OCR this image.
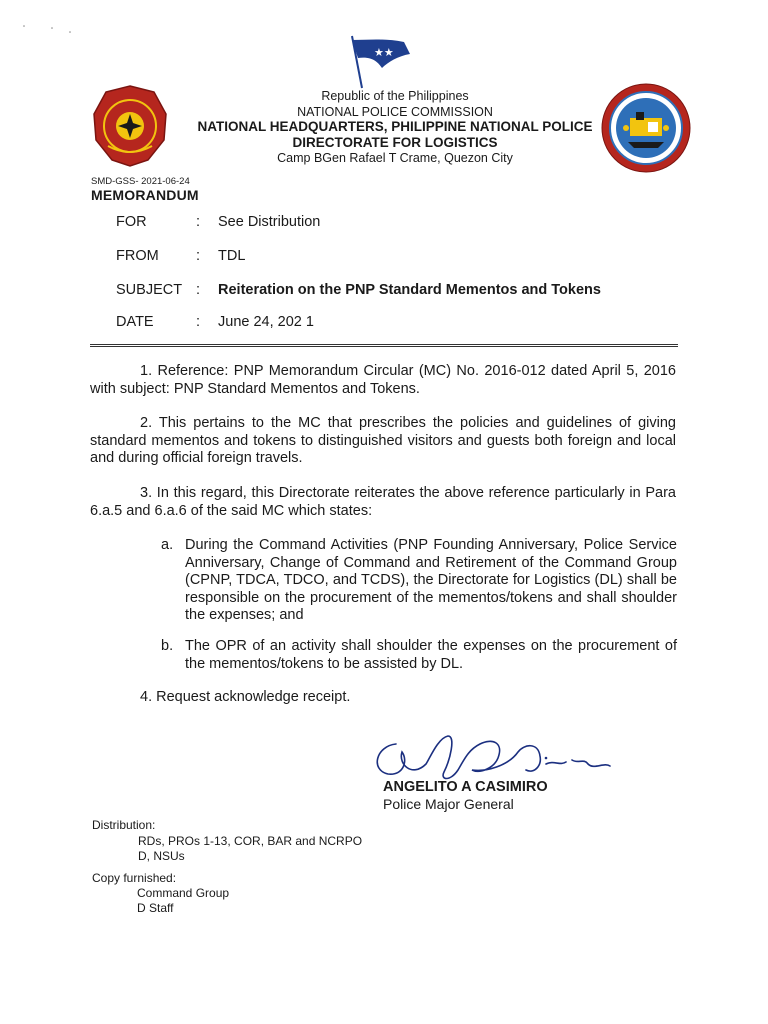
★★
Republic of the Philippines
NATIONAL POLICE COMMISSION
NATIONAL HEADQUARTERS, PHILIPPINE NATIONAL POLICE
DIRECTORATE FOR LOGISTICS
Camp BGen Rafael T Crame, Quezon City
SMD-GSS- 2021-06-24
MEMORANDUM
FOR	: See Distribution
FROM	: TDL
SUBJECT : Reiteration on the PNP Standard Mementos and Tokens
DATE	: June 24, 202 1
1. Reference: PNP Memorandum Circular (MC) No. 2016-012 dated April 5, 2016 with subject: PNP Standard Mementos and Tokens.
2. This pertains to the MC that prescribes the policies and guidelines of giving standard mementos and tokens to distinguished visitors and guests both foreign and local and during official foreign travels.
3. In this regard, this Directorate reiterates the above reference particularly in Para 6.a.5 and 6.a.6 of the said MC which states:
a. During the Command Activities (PNP Founding Anniversary, Police Service Anniversary, Change of Command and Retirement of the Command Group (CPNP, TDCA, TDCO, and TCDS), the Directorate for Logistics (DL) shall be responsible on the procurement of the mementos/tokens and shall shoulder the expenses; and
b. The OPR of an activity shall shoulder the expenses on the procurement of the mementos/tokens to be assisted by DL.
4. Request acknowledge receipt.
ANGELITO A CASIMIRO
Police Major General
Distribution:
RDs, PROs 1-13, COR, BAR and NCRPO
D, NSUs
Copy furnished:
Command Group
D Staff
